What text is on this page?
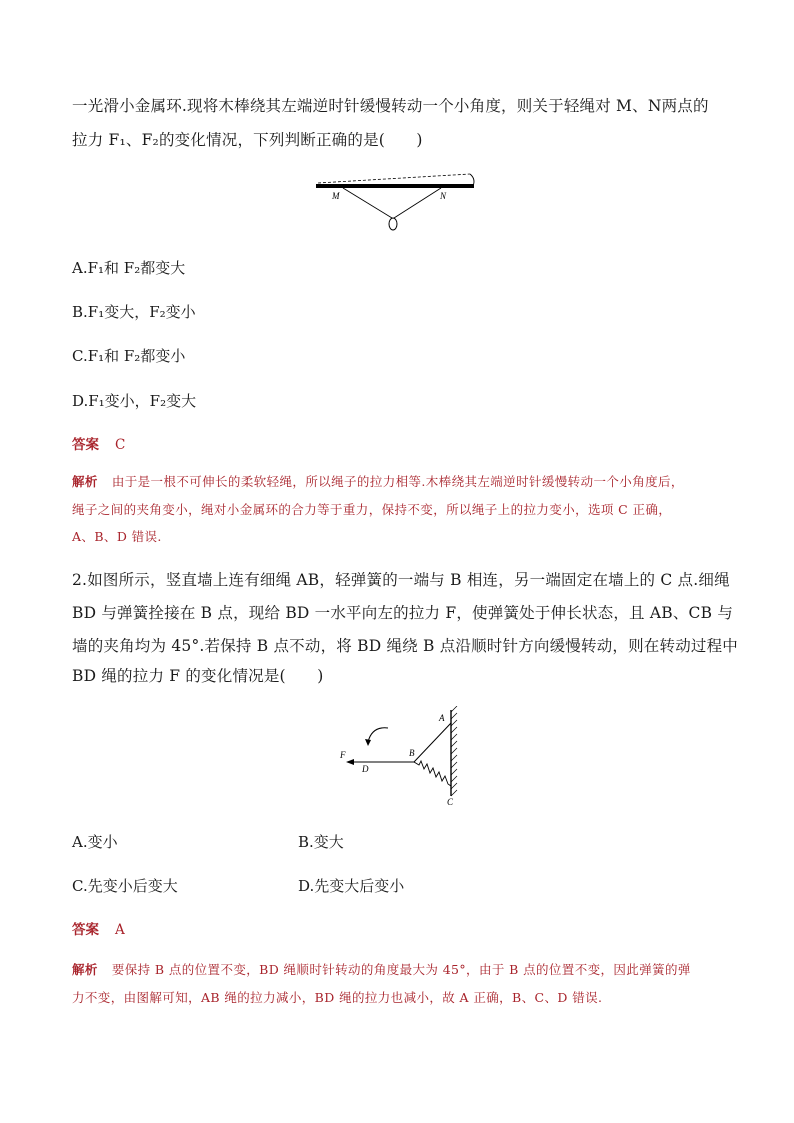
一光滑小金属环.现将木棒绕其左端逆时针缓慢转动一个小角度，则关于轻绳对 M、N两点的
拉力 F₁、F₂的变化情况，下列判断正确的是(　　)
M	N
A.F₁和 F₂都变大
B.F₁变大，F₂变小
C.F₁和 F₂都变小
D.F₁变小，F₂变大
答案 C
解析 由于是一根不可伸长的柔软轻绳，所以绳子的拉力相等.木棒绕其左端逆时针缓慢转动一个小角度后，
绳子之间的夹角变小，绳对小金属环的合力等于重力，保持不变，所以绳子上的拉力变小，选项 C 正确，
A、B、D 错误.
2.如图所示，竖直墙上连有细绳 AB，轻弹簧的一端与 B 相连，另一端固定在墙上的 C 点.细绳
BD 与弹簧拴接在 B 点，现给 BD 一水平向左的拉力 F，使弹簧处于伸长状态，且 AB、CB 与
墙的夹角均为 45°.若保持 B 点不动，将 BD 绳绕 B 点沿顺时针方向缓慢转动，则在转动过程中
BD 绳的拉力 F 的变化情况是(　　)
A
B
C
D
F
A.变小	B.变大
C.先变小后变大	D.先变大后变小
答案 A
解析 要保持 B 点的位置不变，BD 绳顺时针转动的角度最大为 45°，由于 B 点的位置不变，因此弹簧的弹
力不变，由图解可知，AB 绳的拉力减小，BD 绳的拉力也减小，故 A 正确，B、C、D 错误.
